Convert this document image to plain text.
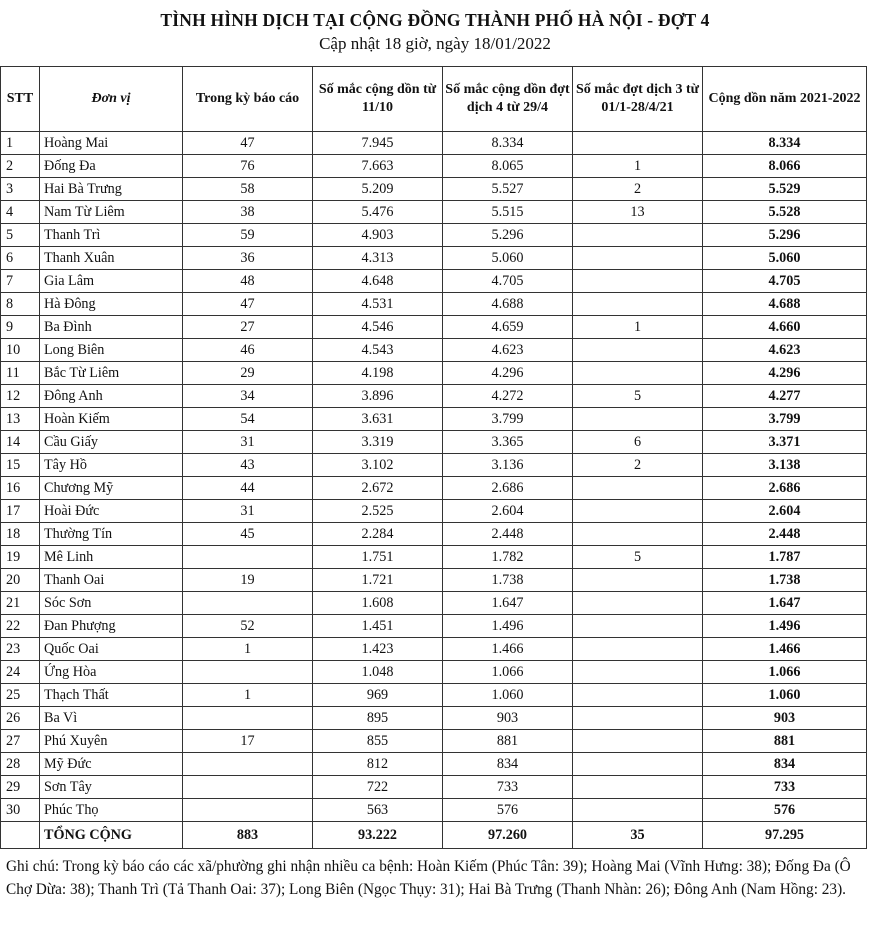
TÌNH HÌNH DỊCH TẠI CỘNG ĐỒNG THÀNH PHỐ HÀ NỘI - ĐỢT 4
Cập nhật 18 giờ, ngày 18/01/2022
STT	Đơn vị	Trong kỳ báo cáo	Số mắc cộng dồn từ 11/10	Số mắc cộng dồn đợt dịch 4 từ 29/4	Số mắc đợt dịch 3 từ 01/1-28/4/21	Cộng dồn năm 2021-2022
1	Hoàng Mai	47	7.945	8.334		8.334
2	Đống Đa	76	7.663	8.065	1	8.066
3	Hai Bà Trưng	58	5.209	5.527	2	5.529
4	Nam Từ Liêm	38	5.476	5.515	13	5.528
5	Thanh Trì	59	4.903	5.296		5.296
6	Thanh Xuân	36	4.313	5.060		5.060
7	Gia Lâm	48	4.648	4.705		4.705
8	Hà Đông	47	4.531	4.688		4.688
9	Ba Đình	27	4.546	4.659	1	4.660
10	Long Biên	46	4.543	4.623		4.623
11	Bắc Từ Liêm	29	4.198	4.296		4.296
12	Đông Anh	34	3.896	4.272	5	4.277
13	Hoàn Kiếm	54	3.631	3.799		3.799
14	Cầu Giấy	31	3.319	3.365	6	3.371
15	Tây Hồ	43	3.102	3.136	2	3.138
16	Chương Mỹ	44	2.672	2.686		2.686
17	Hoài Đức	31	2.525	2.604		2.604
18	Thường Tín	45	2.284	2.448		2.448
19	Mê Linh		1.751	1.782	5	1.787
20	Thanh Oai	19	1.721	1.738		1.738
21	Sóc Sơn		1.608	1.647		1.647
22	Đan Phượng	52	1.451	1.496		1.496
23	Quốc Oai	1	1.423	1.466		1.466
24	Ứng Hòa		1.048	1.066		1.066
25	Thạch Thất	1	969	1.060		1.060
26	Ba Vì		895	903		903
27	Phú Xuyên	17	855	881		881
28	Mỹ Đức		812	834		834
29	Sơn Tây		722	733		733
30	Phúc Thọ		563	576		576
	TỔNG CỘNG	883	93.222	97.260	35	97.295
Ghi chú: Trong kỳ báo cáo các xã/phường ghi nhận nhiều ca bệnh: Hoàn Kiếm (Phúc Tân: 39); Hoàng Mai (Vĩnh Hưng: 38); Đống Đa (Ô Chợ Dừa: 38); Thanh Trì (Tả Thanh Oai: 37); Long Biên (Ngọc Thụy: 31); Hai Bà Trưng (Thanh Nhàn: 26); Đông Anh (Nam Hồng: 23).
